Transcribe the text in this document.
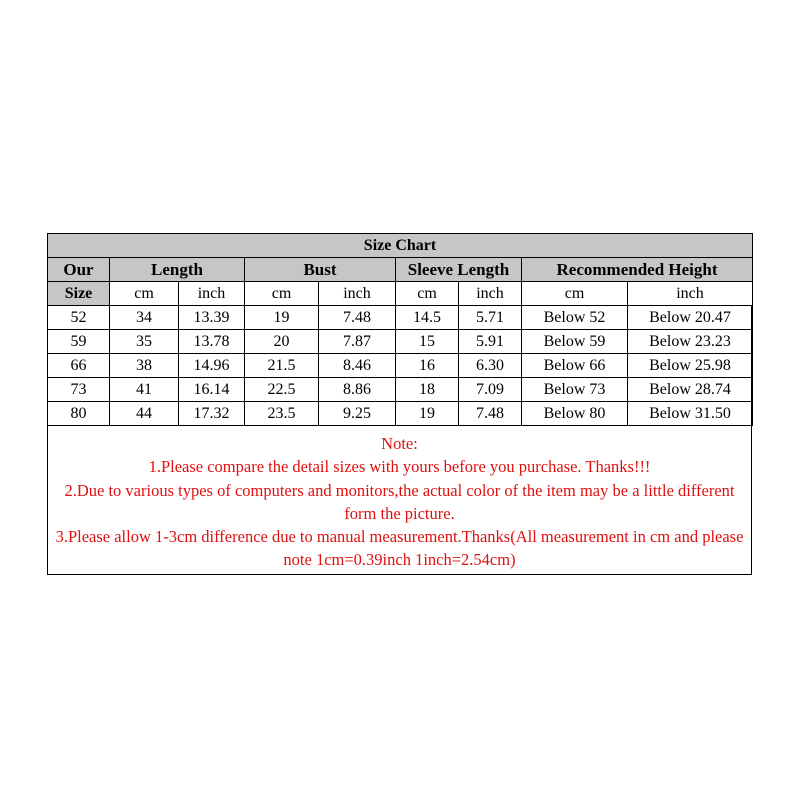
Size Chart								
Our	Length		Bust		Sleeve Length		Recommended Height	
Size	cm	inch	cm	inch	cm	inch	cm	inch
52	34	13.39	19	7.48	14.5	5.71	Below 52	Below 20.47
59	35	13.78	20	7.87	15	5.91	Below 59	Below 23.23
66	38	14.96	21.5	8.46	16	6.30	Below 66	Below 25.98
73	41	16.14	22.5	8.86	18	7.09	Below 73	Below 28.74
80	44	17.32	23.5	9.25	19	7.48	Below 80	Below 31.50
Note:
1.Please compare the detail sizes with yours before you purchase. Thanks!!!
2.Due to various types of computers and monitors,the actual color of the item may be a little different form the picture.
3.Please allow 1-3cm difference due to manual measurement.Thanks(All measurement in cm and please note 1cm=0.39inch 1inch=2.54cm)
